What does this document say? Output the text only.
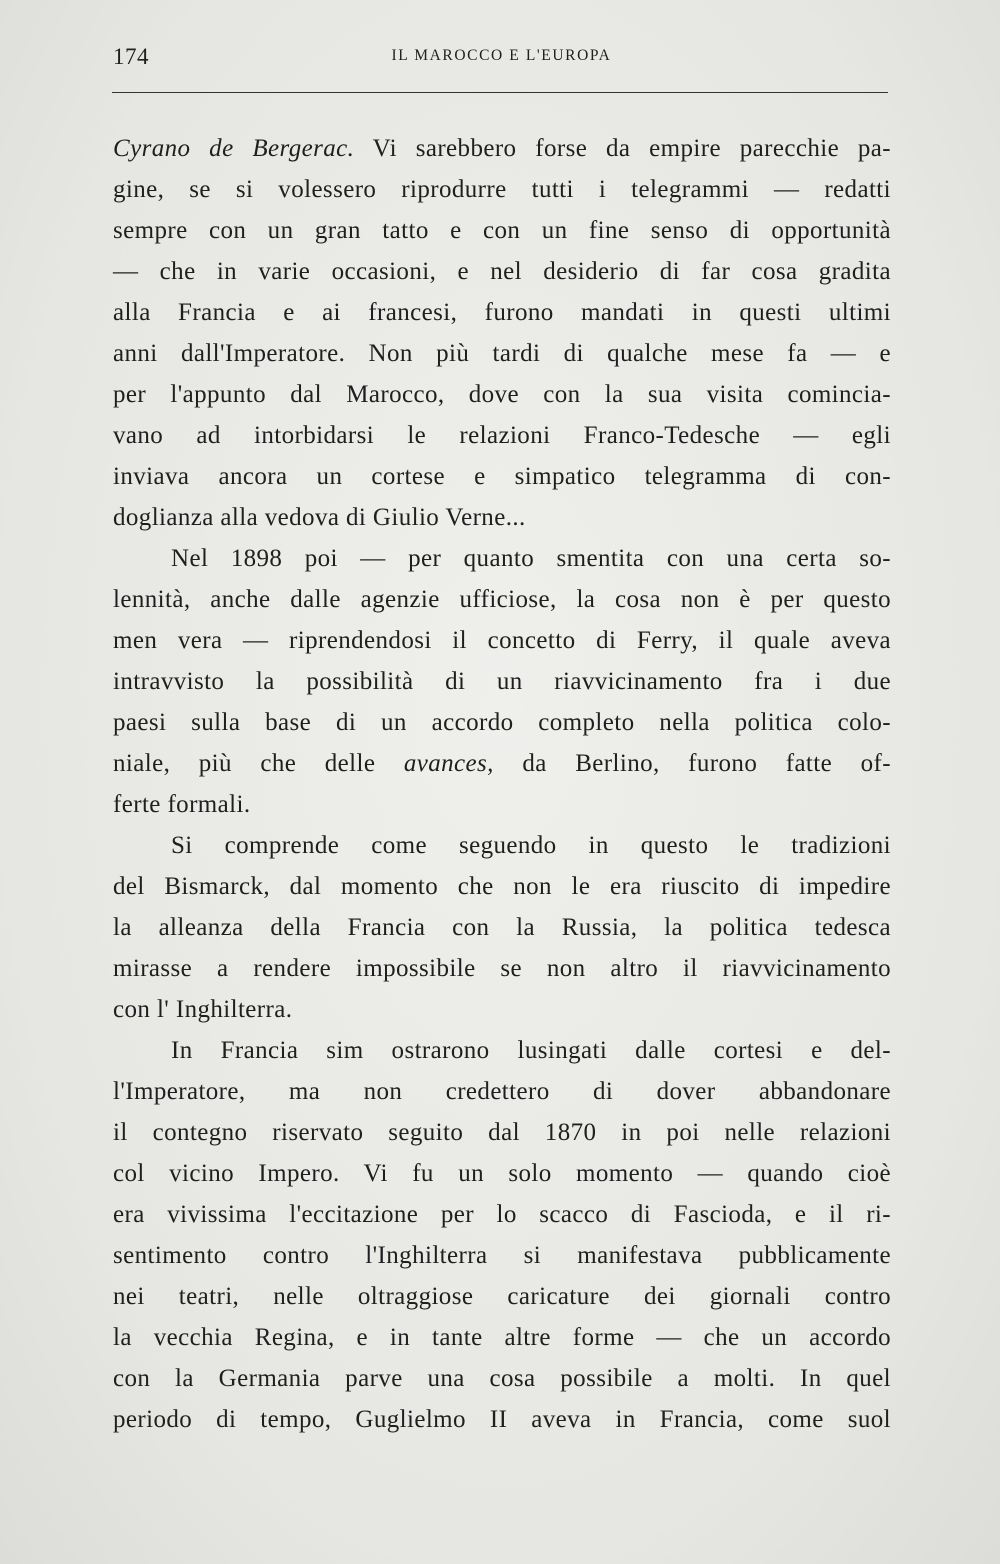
174	IL MAROCCO E L'EUROPA
Cyrano de Bergerac. Vi sarebbero forse da empire parecchie pa-
gine, se si volessero riprodurre tutti i telegrammi — redatti
sempre con un gran tatto e con un fine senso di opportunità
— che in varie occasioni, e nel desiderio di far cosa gradita
alla Francia e ai francesi, furono mandati in questi ultimi
anni dall'Imperatore. Non più tardi di qualche mese fa — e
per l'appunto dal Marocco, dove con la sua visita comincia-
vano ad intorbidarsi le relazioni Franco-Tedesche — egli
inviava ancora un cortese e simpatico telegramma di con-
doglianza alla vedova di Giulio Verne...
Nel 1898 poi — per quanto smentita con una certa so-
lennità, anche dalle agenzie ufficiose, la cosa non è per questo
men vera — riprendendosi il concetto di Ferry, il quale aveva
intravvisto la possibilità di un riavvicinamento fra i due
paesi sulla base di un accordo completo nella politica colo-
niale, più che delle avances, da Berlino, furono fatte of-
ferte formali.
Si comprende come seguendo in questo le tradizioni
del Bismarck, dal momento che non le era riuscito di impedire
la alleanza della Francia con la Russia, la politica tedesca
mirasse a rendere impossibile se non altro il riavvicinamento
con l' Inghilterra.
In Francia sim ostrarono lusingati dalle cortesi e del-
l'Imperatore, ma non credettero di dover abbandonare
il contegno riservato seguito dal 1870 in poi nelle relazioni
col vicino Impero. Vi fu un solo momento — quando cioè
era vivissima l'eccitazione per lo scacco di Fascioda, e il ri-
sentimento contro l'Inghilterra si manifestava pubblicamente
nei teatri, nelle oltraggiose caricature dei giornali contro
la vecchia Regina, e in tante altre forme — che un accordo
con la Germania parve una cosa possibile a molti. In quel
periodo di tempo, Guglielmo II aveva in Francia, come suol
